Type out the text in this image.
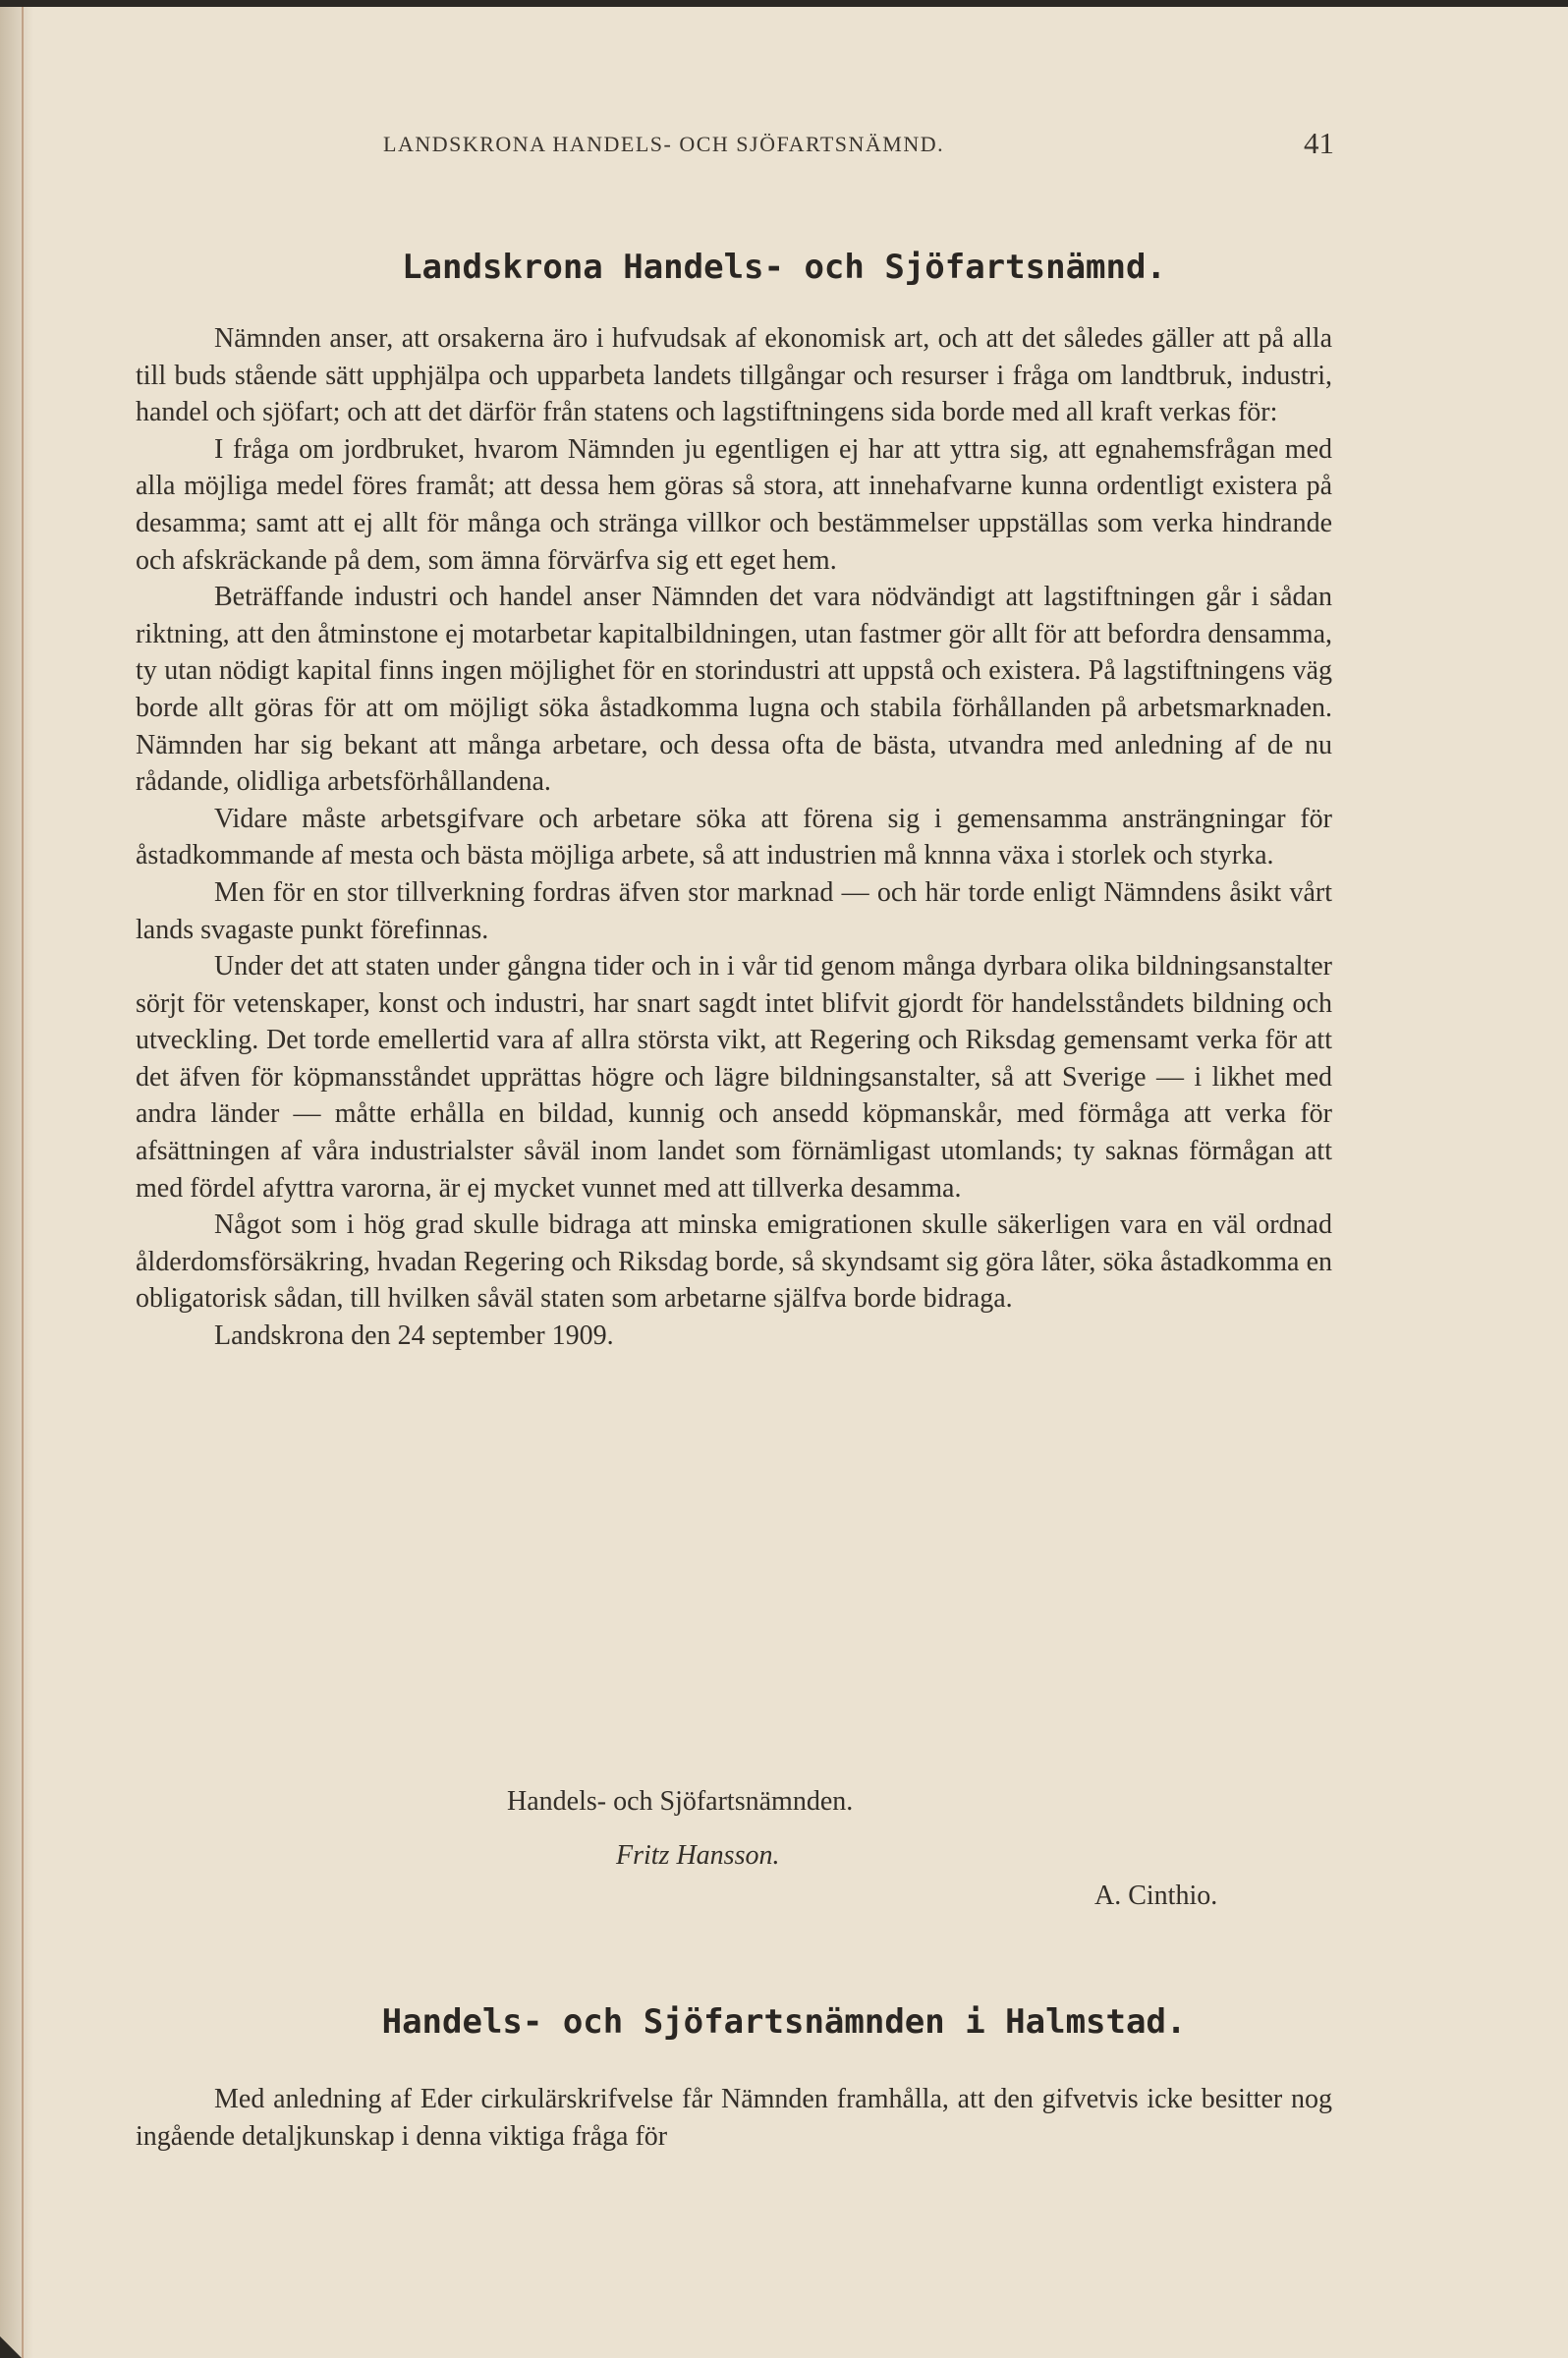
LANDSKRONA HANDELS- OCH SJÖFARTSNÄMND.	41
Landskrona Handels- och Sjöfartsnämnd.

Nämnden anser, att orsakerna äro i hufvudsak af ekonomisk art, och att det således gäller att på alla till buds stående sätt upphjälpa och upparbeta landets tillgångar och resurser i fråga om landtbruk, industri, handel och sjöfart; och att det därför från statens och lagstiftningens sida borde med all kraft verkas för:

I fråga om jordbruket, hvarom Nämnden ju egentligen ej har att yttra sig, att egnahemsfrågan med alla möjliga medel föres framåt; att dessa hem göras så stora, att innehafvarne kunna ordentligt existera på desamma; samt att ej allt för många och stränga villkor och bestämmelser uppställas som verka hindrande och afskräckande på dem, som ämna förvärfva sig ett eget hem.

Beträffande industri och handel anser Nämnden det vara nödvändigt att lagstiftningen går i sådan riktning, att den åtminstone ej motarbetar kapitalbildningen, utan fastmer gör allt för att befordra densamma, ty utan nödigt kapital finns ingen möjlighet för en storindustri att uppstå och existera. På lagstiftningens väg borde allt göras för att om möjligt söka åstadkomma lugna och stabila förhållanden på arbetsmarknaden. Nämnden har sig bekant att många arbetare, och dessa ofta de bästa, utvandra med anledning af de nu rådande, olidliga arbetsförhållandena.

Vidare måste arbetsgifvare och arbetare söka att förena sig i gemensamma ansträngningar för åstadkommande af mesta och bästa möjliga arbete, så att industrien må knnna växa i storlek och styrka.

Men för en stor tillverkning fordras äfven stor marknad — och här torde enligt Nämndens åsikt vårt lands svagaste punkt förefinnas.

Under det att staten under gångna tider och in i vår tid genom många dyrbara olika bildningsanstalter sörjt för vetenskaper, konst och industri, har snart sagdt intet blifvit gjordt för handelsståndets bildning och utveckling. Det torde emellertid vara af allra största vikt, att Regering och Riksdag gemensamt verka för att det äfven för köpmansståndet upprättas högre och lägre bildningsanstalter, så att Sverige — i likhet med andra länder — måtte erhålla en bildad, kunnig och ansedd köpmanskår, med förmåga att verka för afsättningen af våra industrialster såväl inom landet som förnämligast utomlands; ty saknas förmågan att med fördel afyttra varorna, är ej mycket vunnet med att tillverka desamma.

Något som i hög grad skulle bidraga att minska emigrationen skulle säkerligen vara en väl ordnad ålderdomsförsäkring, hvadan Regering och Riksdag borde, så skyndsamt sig göra låter, söka åstadkomma en obligatorisk sådan, till hvilken såväl staten som arbetarne själfva borde bidraga.

Landskrona den 24 september 1909.

Handels- och Sjöfartsnämnden.
Fritz Hansson.
A. Cinthio.
Handels- och Sjöfartsnämnden i Halmstad.

Med anledning af Eder cirkulärskrifvelse får Nämnden framhålla, att den gifvetvis icke besitter nog ingående detaljkunskap i denna viktiga fråga för
